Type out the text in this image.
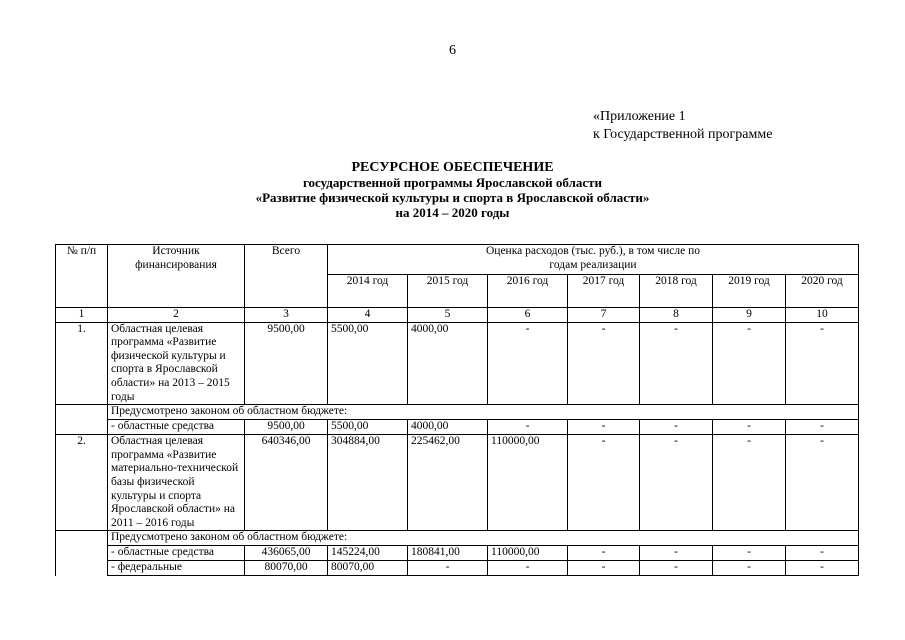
6
«Приложение 1
к Государственной программе
РЕСУРСНОЕ ОБЕСПЕЧЕНИЕ
государственной программы Ярославской области
«Развитие физической культуры и спорта в Ярославской области»
на 2014 – 2020 годы
№ п/п	Источник финансирования	Всего	Оценка расходов (тыс. руб.), в том числе по годам реализации						
			2014 год	2015 год	2016 год	2017 год	2018 год	2019 год	2020 год
1	2	3	4	5	6	7	8	9	10
1.	Областная целевая программа «Развитие физической культуры и спорта в Ярославской области» на 2013 – 2015 годы	9500,00	5500,00	4000,00	-	-	-	-	-
	Предусмотрено законом об областном бюджете:								
	- областные средства	9500,00	5500,00	4000,00	-	-	-	-	-
2.	Областная целевая программа «Развитие материально-технической базы физической культуры и спорта Ярославской области» на 2011 – 2016 годы	640346,00	304884,00	225462,00	110000,00	-	-	-	-
	Предусмотрено законом об областном бюджете:								
	- областные средства	436065,00	145224,00	180841,00	110000,00	-	-	-	-
	- федеральные	80070,00	80070,00	-	-	-	-	-	-
